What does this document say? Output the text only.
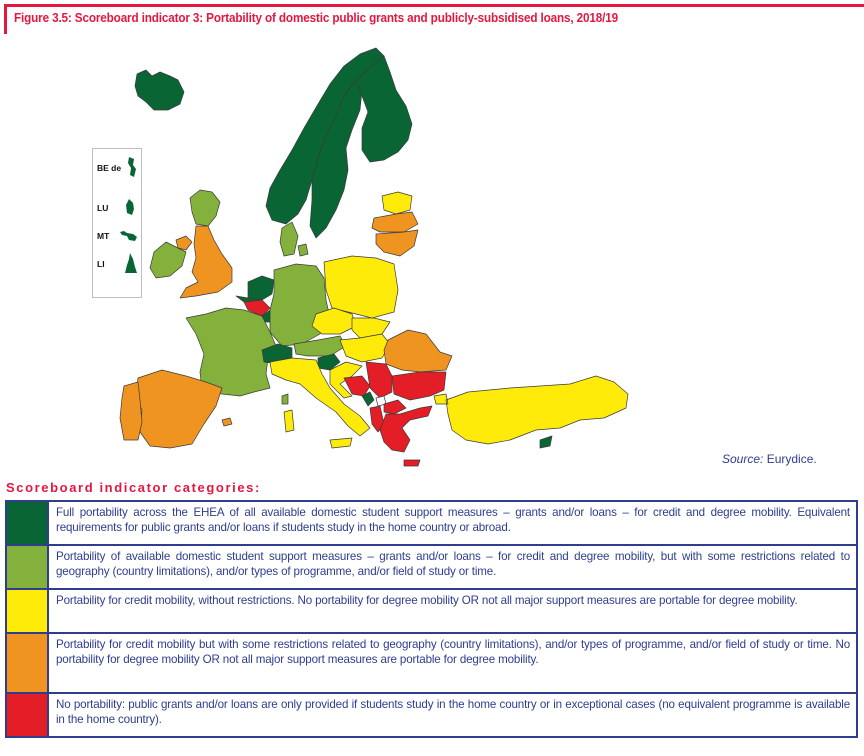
Figure 3.5: Scoreboard indicator 3: Portability of domestic public grants and publicly-subsidised loans, 2018/19
BE de
LU
MT
LI
Source: Eurydice.
Scoreboard indicator categories:
Full portability across the EHEA of all available domestic student support measures – grants and/or loans – for credit and degree mobility. Equivalent requirements for public grants and/or loans if students study in the home country or abroad.
Portability of available domestic student support measures – grants and/or loans – for credit and degree mobility, but with some restrictions related to geography (country limitations), and/or types of programme, and/or field of study or time.
Portability for credit mobility, without restrictions. No portability for degree mobility OR not all major support measures are portable for degree mobility.
Portability for credit mobility but with some restrictions related to geography (country limitations), and/or types of programme, and/or field of study or time. No portability for degree mobility OR not all major support measures are portable for degree mobility.
No portability: public grants and/or loans are only provided if students study in the home country or in exceptional cases (no equivalent programme is available in the home country).
